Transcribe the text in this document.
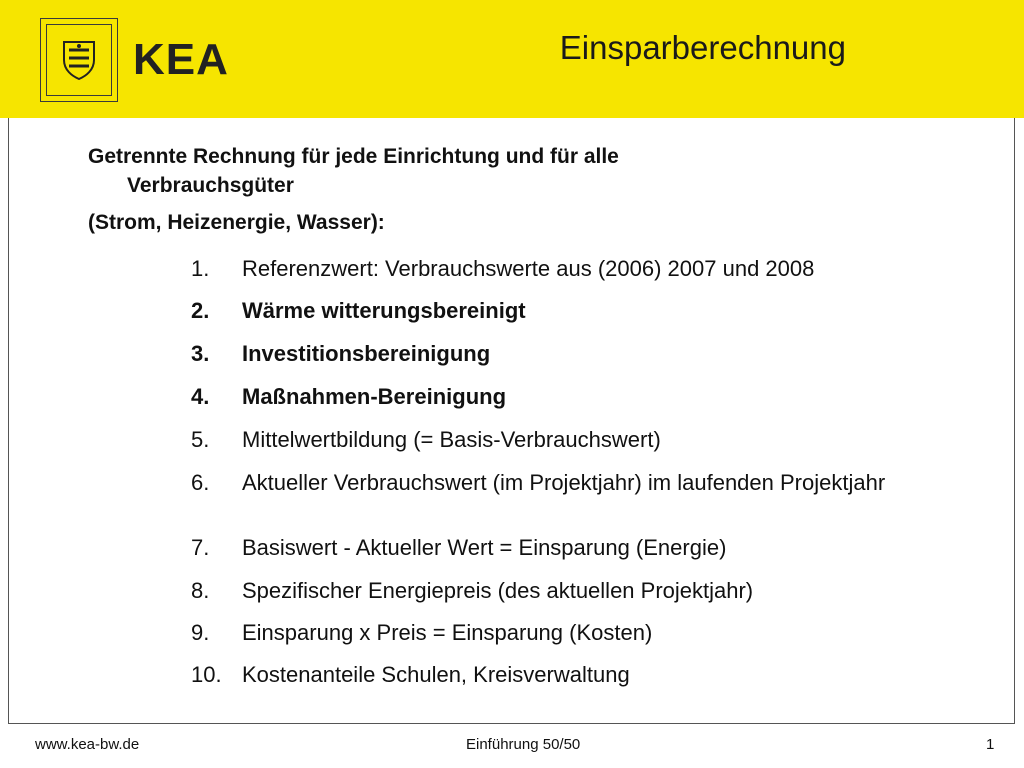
KEA	Einsparberechnung
Getrennte Rechnung für jede Einrichtung und für alle
Verbrauchsgüter
(Strom, Heizenergie, Wasser):
1. Referenzwert: Verbrauchswerte aus (2006) 2007 und 2008
2. Wärme witterungsbereinigt
3. Investitionsbereinigung
4. Maßnahmen-Bereinigung
5. Mittelwertbildung (= Basis-Verbrauchswert)
6. Aktueller Verbrauchswert (im Projektjahr) im laufenden Projektjahr
7. Basiswert - Aktueller Wert = Einsparung (Energie)
8. Spezifischer Energiepreis (des aktuellen Projektjahr)
9. Einsparung x Preis = Einsparung (Kosten)
10. Kostenanteile Schulen, Kreisverwaltung
www.kea-bw.de	Einführung 50/50	1
